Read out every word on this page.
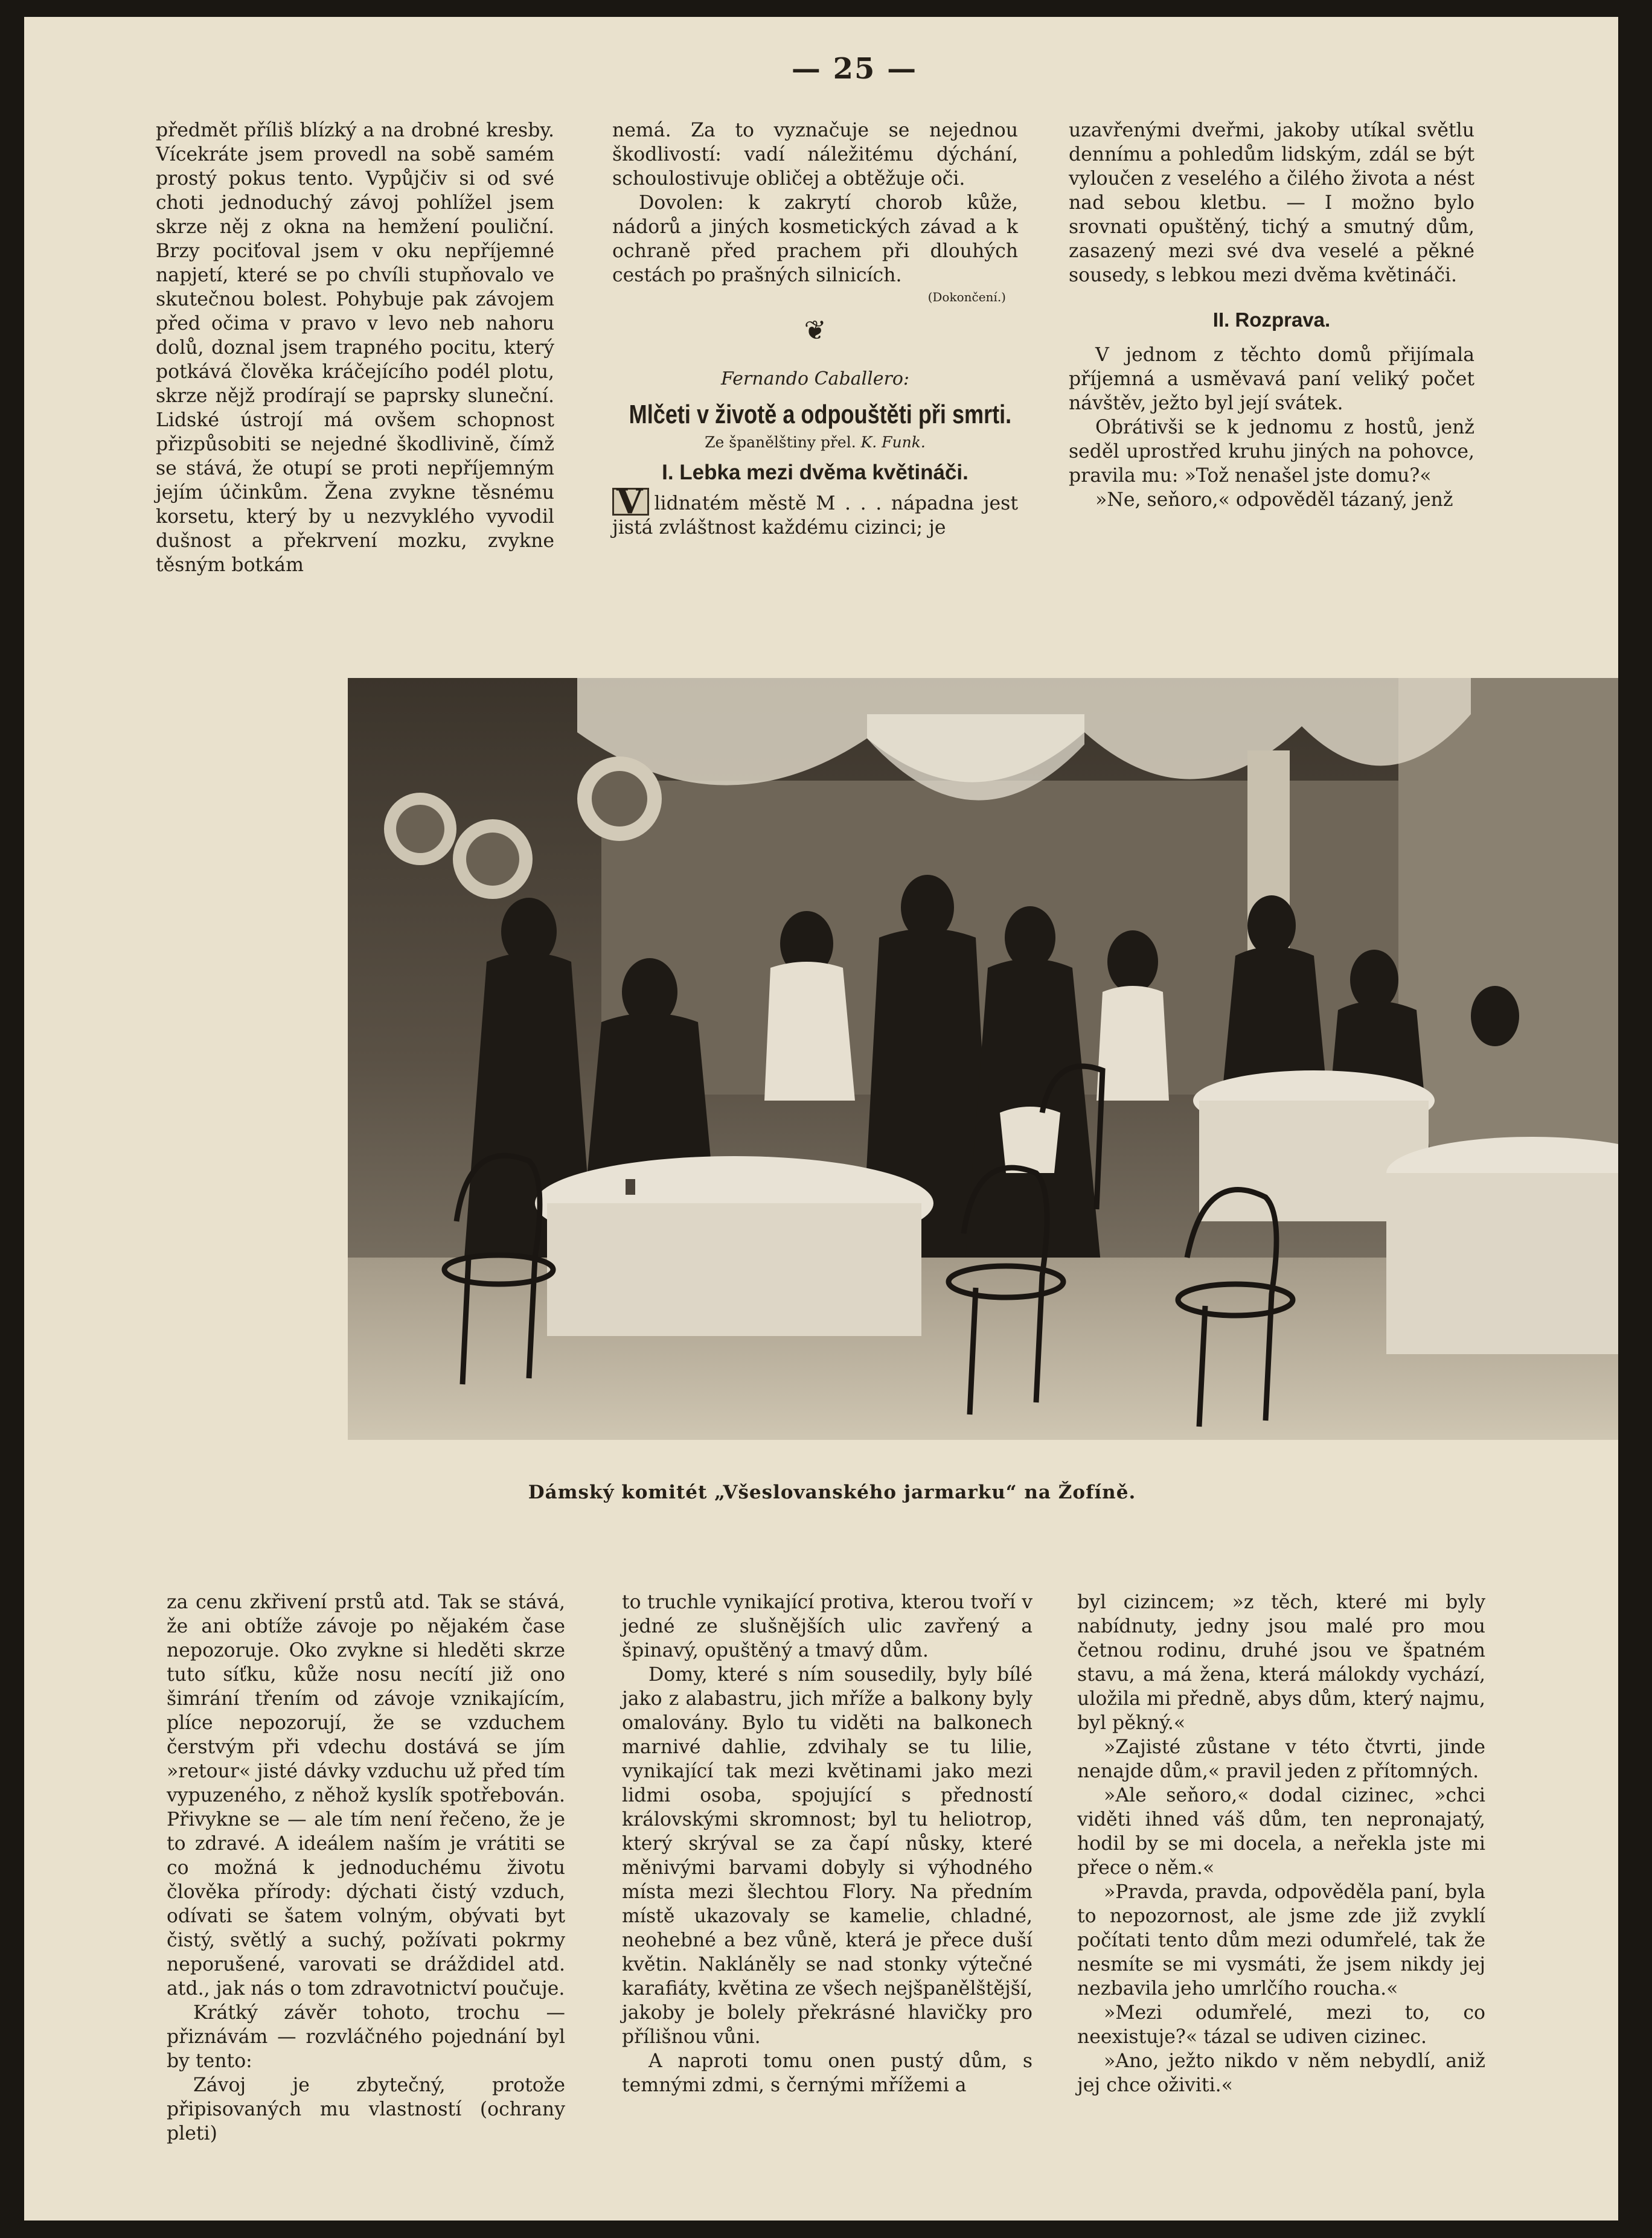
— 25 —

předmět příliš blízký a na drobné kresby. Vícekráte jsem provedl na sobě samém prostý pokus tento. Vypůjčiv si od své choti jednoduchý závoj pohlížel jsem skrze něj z okna na hemžení pouliční. Brzy pociťoval jsem v oku nepříjemné napjetí, které se po chvíli stupňovalo ve skutečnou bolest. Pohybuje pak závojem před očima v pravo v levo neb nahoru dolů, doznal jsem trapného pocitu, který potkává člověka kráčejícího podél plotu, skrze nějž prodírají se paprsky sluneční. Lidské ústrojí má ovšem schopnost přizpůsobiti se nejedné škodlivině, čímž se stává, že otupí se proti nepříjemným jejím účinkům. Žena zvykne těsnému korsetu, který by u nezvyklého vyvodil dušnost a překrvení mozku, zvykne těsným botkám

nemá. Za to vyznačuje se nejednou škodlivostí: vadí náležitému dýchání, schoulostivuje obličej a obtěžuje oči.

Dovolen: k zakrytí chorob kůže, nádorů a jiných kosmetických závad a k ochraně před prachem při dlouhých cestách po prašných silnicích.

(Dokončení.)
❦
Fernando Caballero:
Mlčeti v životě a odpouštěti při smrti.
Ze španělštiny přel. K. Funk.
I. Lebka mezi dvěma květináči.

V lidnatém městě M . . . nápadna jest jistá zvláštnost každému cizinci; je

uzavřenými dveřmi, jakoby utíkal světlu dennímu a pohledům lidským, zdál se být vyloučen z veselého a čilého života a nést nad sebou kletbu. — I možno bylo srovnati opuštěný, tichý a smutný dům, zasazený mezi své dva veselé a pěkné sousedy, s lebkou mezi dvěma květináči.

II. Rozprava.

V jednom z těchto domů přijímala příjemná a usměvavá paní veliký počet návštěv, ježto byl její svátek.

Obrátivši se k jednomu z hostů, jenž seděl uprostřed kruhu jiných na pohovce, pravila mu: »Tož nenašel jste domu?«

»Ne, seňoro,« odpověděl tázaný, jenž

Dámský komitét „Všeslovanského jarmarku“ na Žofíně.

za cenu zkřivení prstů atd. Tak se stává, že ani obtíže závoje po nějakém čase nepozoruje. Oko zvykne si hleděti skrze tuto síťku, kůže nosu necítí již ono šimrání třením od závoje vznikajícím, plíce nepozorují, že se vzduchem čerstvým při vdechu dostává se jím »retour« jisté dávky vzduchu už před tím vypuzeného, z něhož kyslík spotřebován. Přivykne se — ale tím není řečeno, že je to zdravé. A ideálem naším je vrátiti se co možná k jednoduchému životu člověka přírody: dýchati čistý vzduch, odívati se šatem volným, obývati byt čistý, světlý a suchý, požívati pokrmy neporušené, varovati se dráždidel atd. atd., jak nás o tom zdravotnictví poučuje.

Krátký závěr tohoto, trochu — přiznávám — rozvláčného pojednání byl by tento:

Závoj je zbytečný, protože připisovaných mu vlastností (ochrany pleti)

to truchle vynikající protiva, kterou tvoří v jedné ze slušnějších ulic zavřený a špinavý, opuštěný a tmavý dům.

Domy, které s ním sousedily, byly bílé jako z alabastru, jich mříže a balkony byly omalovány. Bylo tu viděti na balkonech marnivé dahlie, zdvihaly se tu lilie, vynikající tak mezi květinami jako mezi lidmi osoba, spojující s předností královskými skromnost; byl tu heliotrop, který skrýval se za čapí nůsky, které měnivými barvami dobyly si výhodného místa mezi šlechtou Flory. Na předním místě ukazovaly se kamelie, chladné, neohebné a bez vůně, která je přece duší květin. Nakláněly se nad stonky výtečné karafiáty, květina ze všech nejšpanělštější, jakoby je bolely překrásné hlavičky pro přílišnou vůni.

A naproti tomu onen pustý dům, s temnými zdmi, s černými mřížemi a

byl cizincem; »z těch, které mi byly nabídnuty, jedny jsou malé pro mou četnou rodinu, druhé jsou ve špatném stavu, a má žena, která málokdy vychází, uložila mi předně, abys dům, který najmu, byl pěkný.«

»Zajisté zůstane v této čtvrti, jinde nenajde dům,« pravil jeden z přítomných.

»Ale seňoro,« dodal cizinec, »chci viděti ihned váš dům, ten nepronajatý, hodil by se mi docela, a neřekla jste mi přece o něm.«

»Pravda, pravda, odpověděla paní, byla to nepozornost, ale jsme zde již zvyklí počítati tento dům mezi odumřelé, tak že nesmíte se mi vysmáti, že jsem nikdy jej nezbavila jeho umrlčího roucha.«

»Mezi odumřelé, mezi to, co neexistuje?« tázal se udiven cizinec.

»Ano, ježto nikdo v něm nebydlí, aniž jej chce oživiti.«
